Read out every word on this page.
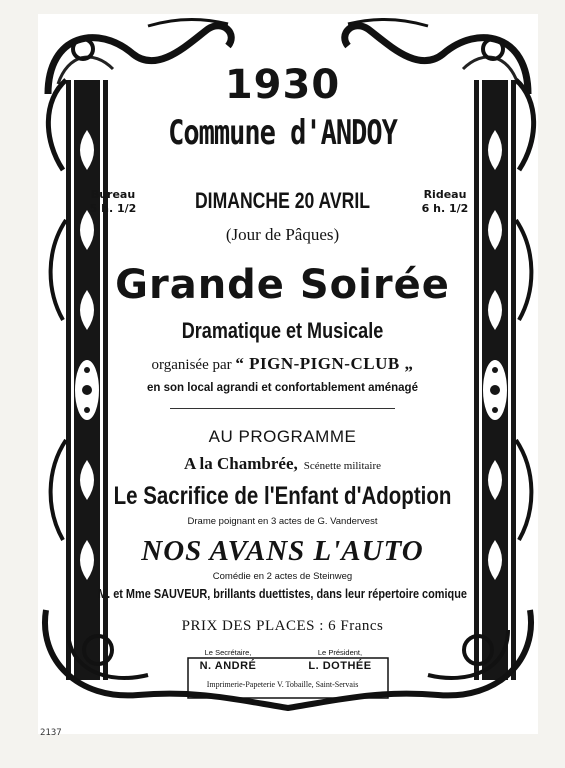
1930
Commune d'ANDOY
Bureau
5 h. 1/2
Rideau
6 h. 1/2
DIMANCHE 20 AVRIL
(Jour de Pâques)
Grande Soirée
Dramatique et Musicale
organisée par “ PIGN-PIGN-CLUB „
en son local agrandi et confortablement aménagé
AU PROGRAMME
A la Chambrée, Scénette militaire
Le Sacrifice de l'Enfant d'Adoption
Drame poignant en 3 actes de G. Vandervest
NOS AVANS L'AUTO
Comédie en 2 actes de Steinweg
M. et Mme SAUVEUR, brillants duettistes, dans leur répertoire comique
PRIX DES PLACES : 6 Francs
Le Secrétaire,
N. ANDRÉ
Le Président,
L. DOTHÉE
Imprimerie-Papeterie V. Tobaille, Saint-Servais
2137
